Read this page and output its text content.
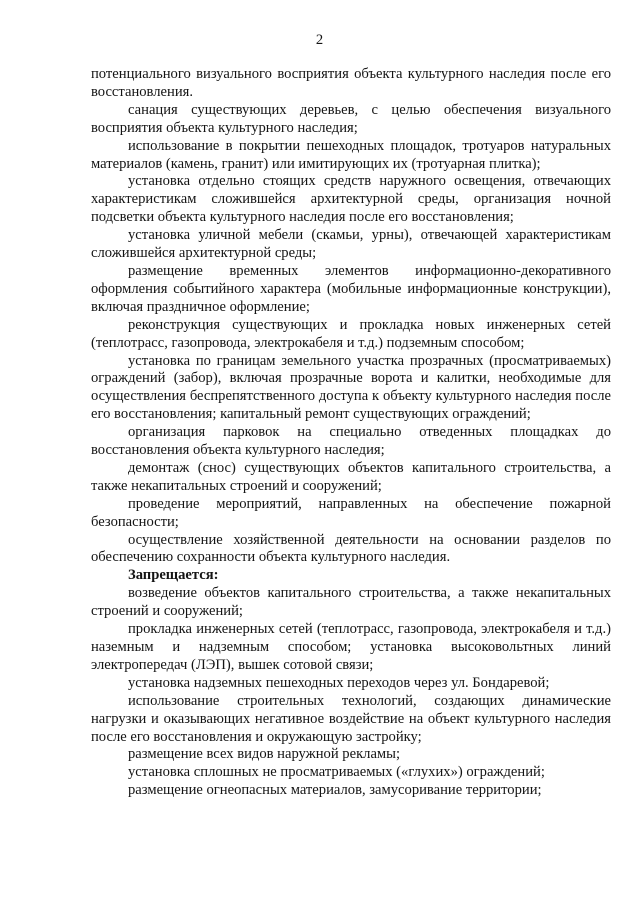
2

потенциального визуального восприятия объекта культурного наследия после его восстановления.

санация существующих деревьев, с целью обеспечения визуального восприятия объекта культурного наследия;

использование в покрытии пешеходных площадок, тротуаров натуральных материалов (камень, гранит) или имитирующих их (тротуарная плитка);

установка отдельно стоящих средств наружного освещения, отвечающих характеристикам сложившейся архитектурной среды, организация ночной подсветки объекта культурного наследия после его восстановления;

установка уличной мебели (скамьи, урны), отвечающей характеристикам сложившейся архитектурной среды;

размещение временных элементов информационно-декоративного оформления событийного характера (мобильные информационные конструкции), включая праздничное оформление;

реконструкция существующих и прокладка новых инженерных сетей (теплотрасс, газопровода, электрокабеля и т.д.) подземным способом;

установка по границам земельного участка прозрачных (просматриваемых) ограждений (забор), включая прозрачные ворота и калитки, необходимые для осуществления беспрепятственного доступа к объекту культурного наследия после его восстановления; капитальный ремонт существующих ограждений;

организация парковок на специально отведенных площадках до восстановления объекта культурного наследия;

демонтаж (снос) существующих объектов капитального строительства, а также некапитальных строений и сооружений;

проведение мероприятий, направленных на обеспечение пожарной безопасности;

осуществление хозяйственной деятельности на основании разделов по обеспечению сохранности объекта культурного наследия.

Запрещается:

возведение объектов капитального строительства, а также некапитальных строений и сооружений;

прокладка инженерных сетей (теплотрасс, газопровода, электрокабеля и т.д.) наземным и надземным способом; установка высоковольтных линий электропередач (ЛЭП), вышек сотовой связи;

установка надземных пешеходных переходов через ул. Бондаревой;

использование строительных технологий, создающих динамические нагрузки и оказывающих негативное воздействие на объект культурного наследия после его восстановления и окружающую застройку;

размещение всех видов наружной рекламы;

установка сплошных не просматриваемых («глухих») ограждений;

размещение огнеопасных материалов, замусоривание территории;
